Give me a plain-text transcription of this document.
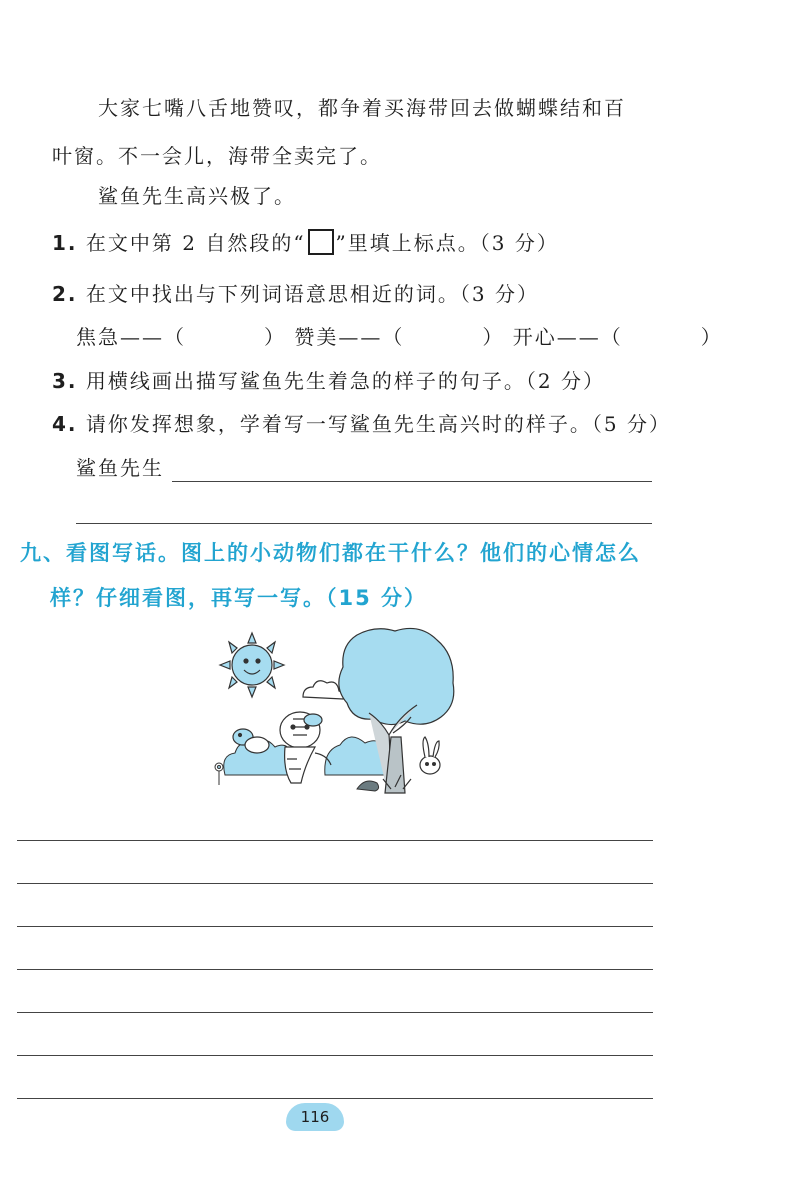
大家七嘴八舌地赞叹，都争着买海带回去做蝴蝶结和百
叶窗。不一会儿，海带全卖完了。
鲨鱼先生高兴极了。
1. 在文中第 2 自然段的“ ”里填上标点。（3 分）
2. 在文中找出与下列词语意思相近的词。（3 分）
焦急——（	） 赞美——（	） 开心——（	）
3. 用横线画出描写鲨鱼先生着急的样子的句子。（2 分）
4. 请你发挥想象，学着写一写鲨鱼先生高兴时的样子。（5 分）
鲨鱼先生
九、看图写话。图上的小动物们都在干什么？他们的心情怎么
样？仔细看图，再写一写。（15 分）
116
